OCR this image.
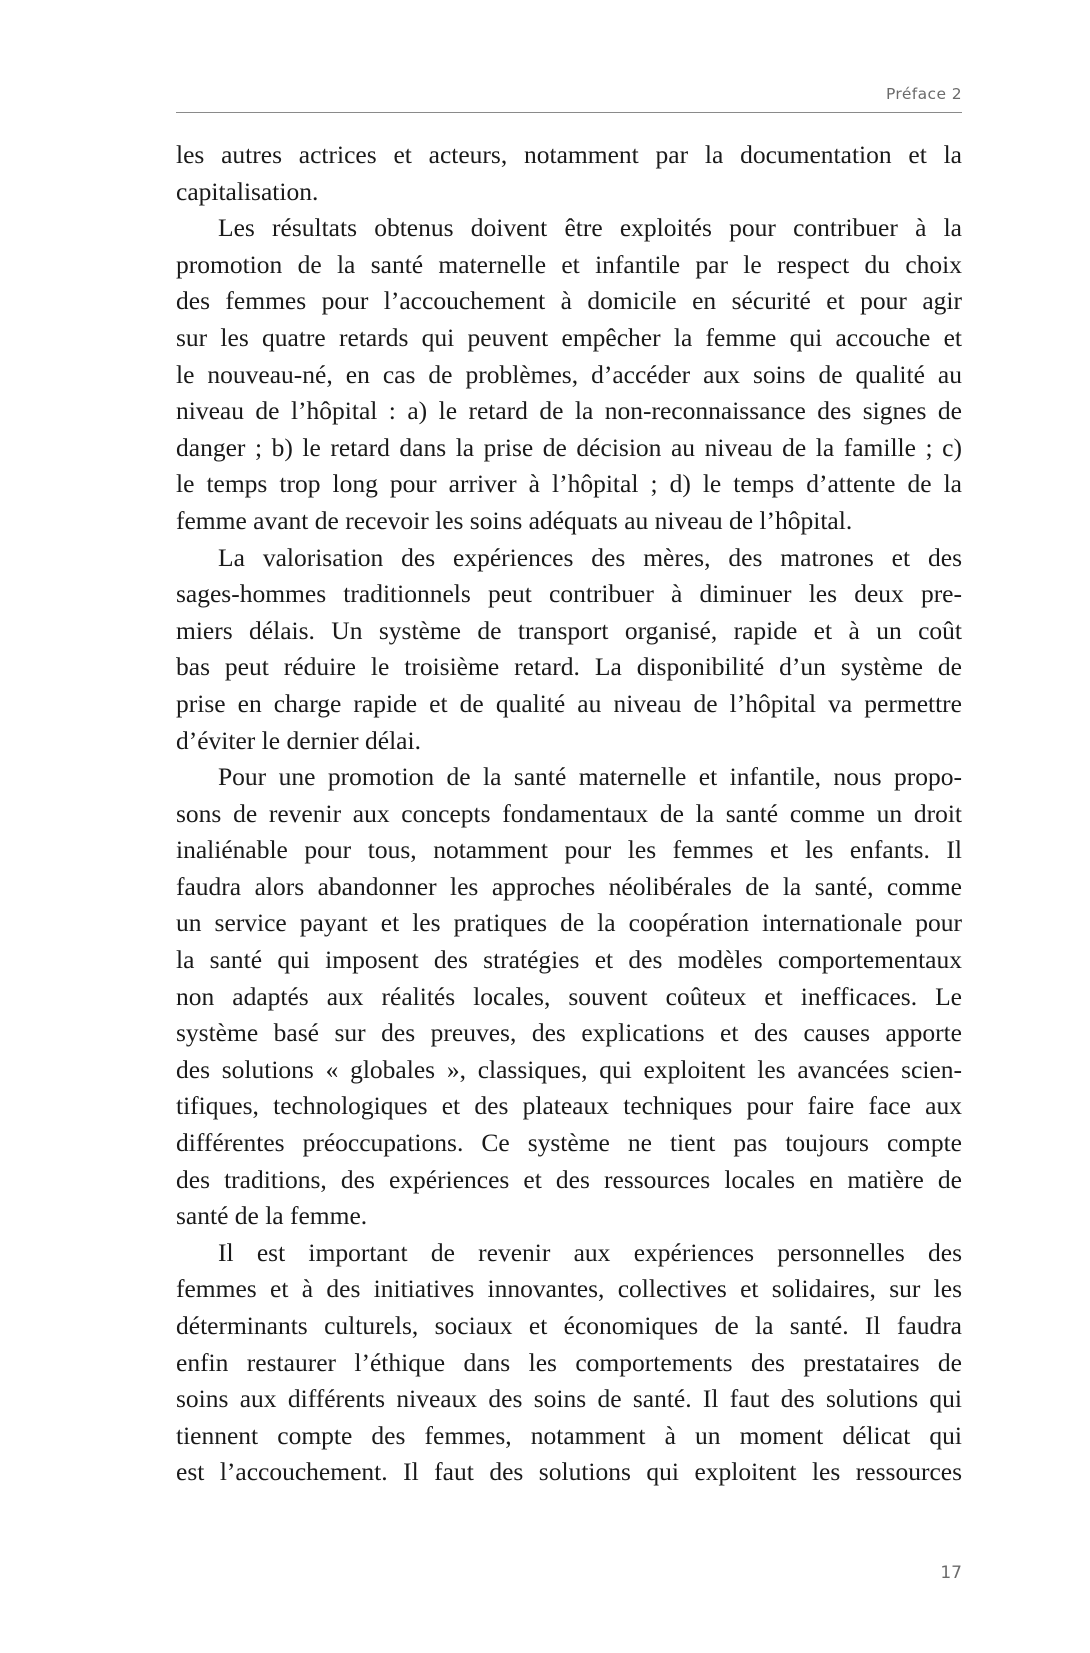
Préface 2

les autres actrices et acteurs, notamment par la documentation et la
capitalisation.

Les résultats obtenus doivent être exploités pour contribuer à la
promotion de la santé maternelle et infantile par le respect du choix
des femmes pour l’accouchement à domicile en sécurité et pour agir
sur les quatre retards qui peuvent empêcher la femme qui accouche et
le nouveau-né, en cas de problèmes, d’accéder aux soins de qualité au
niveau de l’hôpital : a) le retard de la non-reconnaissance des signes de
danger ; b) le retard dans la prise de décision au niveau de la famille ; c)
le temps trop long pour arriver à l’hôpital ; d) le temps d’attente de la
femme avant de recevoir les soins adéquats au niveau de l’hôpital.

La valorisation des expériences des mères, des matrones et des
sages-hommes traditionnels peut contribuer à diminuer les deux pre-
miers délais. Un système de transport organisé, rapide et à un coût
bas peut réduire le troisième retard. La disponibilité d’un système de
prise en charge rapide et de qualité au niveau de l’hôpital va permettre
d’éviter le dernier délai.

Pour une promotion de la santé maternelle et infantile, nous propo-
sons de revenir aux concepts fondamentaux de la santé comme un droit
inaliénable pour tous, notamment pour les femmes et les enfants. Il
faudra alors abandonner les approches néolibérales de la santé, comme
un service payant et les pratiques de la coopération internationale pour
la santé qui imposent des stratégies et des modèles comportementaux
non adaptés aux réalités locales, souvent coûteux et inefficaces. Le
système basé sur des preuves, des explications et des causes apporte
des solutions « globales », classiques, qui exploitent les avancées scien-
tifiques, technologiques et des plateaux techniques pour faire face aux
différentes préoccupations. Ce système ne tient pas toujours compte
des traditions, des expériences et des ressources locales en matière de
santé de la femme.

Il est important de revenir aux expériences personnelles des
femmes et à des initiatives innovantes, collectives et solidaires, sur les
déterminants culturels, sociaux et économiques de la santé. Il faudra
enfin restaurer l’éthique dans les comportements des prestataires de
soins aux différents niveaux des soins de santé. Il faut des solutions qui
tiennent compte des femmes, notamment à un moment délicat qui
est l’accouchement. Il faut des solutions qui exploitent les ressources

17
